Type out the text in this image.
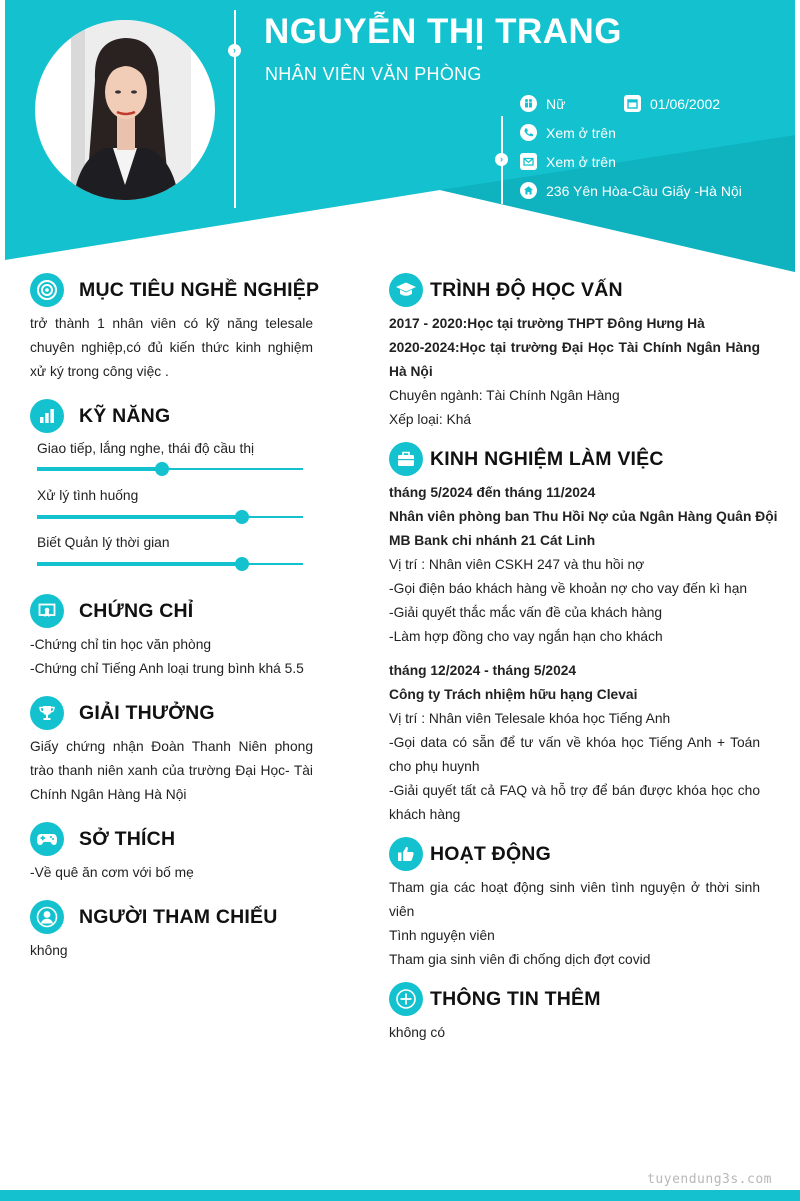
›
›
NGUYỄN THỊ TRANG
NHÂN VIÊN VĂN PHÒNG
Nữ	01/06/2002
Xem ở trên
Xem ở trên
236 Yên Hòa-Cầu Giấy -Hà Nội
MỤC TIÊU NGHỀ NGHIỆP
trở thành 1 nhân viên có kỹ năng telesale
chuyên nghiệp,có đủ kiến thức kinh nghiệm
xử ký trong công việc .
KỸ NĂNG
Giao tiếp, lắng nghe, thái độ cầu thị
Xử lý tình huống
Biết Quản lý thời gian
CHỨNG CHỈ
-Chứng chỉ tin học văn phòng
-Chứng chỉ Tiếng Anh loại trung bình khá 5.5
GIẢI THƯỞNG
Giấy chứng nhận Đoàn Thanh Niên phong
trào thanh niên xanh của trường Đại Học- Tài
Chính Ngân Hàng Hà Nội
SỞ THÍCH
-Về quê ăn cơm với bố mẹ
NGƯỜI THAM CHIẾU
không
TRÌNH ĐỘ HỌC VẤN
2017 - 2020:Học tại trường THPT Đông Hưng Hà
2020-2024:Học tại trường Đại Học Tài Chính Ngân Hàng
Hà Nội
Chuyên ngành: Tài Chính Ngân Hàng
Xếp loại: Khá
KINH NGHIỆM LÀM VIỆC
tháng 5/2024 đến tháng 11/2024
Nhân viên phòng ban Thu Hồi Nợ của Ngân Hàng Quân Đội
MB Bank chi nhánh 21 Cát Linh
Vị trí : Nhân viên CSKH 247 và thu hồi nợ
-Gọi điện báo khách hàng về khoản nợ cho vay đến kì hạn
-Giải quyết thắc mắc vấn đề của khách hàng
-Làm hợp đồng cho vay ngắn hạn cho khách
tháng 12/2024 - tháng 5/2024
Công ty Trách nhiệm hữu hạng Clevai
Vị trí : Nhân viên Telesale khóa học Tiếng Anh
-Gọi data có sẵn để tư vấn về khóa học Tiếng Anh + Toán
cho phụ huynh
-Giải quyết tất cả FAQ và hỗ trợ để bán được khóa học cho
khách hàng
HOẠT ĐỘNG
Tham gia các hoạt động sinh viên tình nguyện ở thời sinh
viên
Tình nguyện viên
Tham gia sinh viên đi chống dịch đợt covid
THÔNG TIN THÊM
không có
tuyendung3s.com
